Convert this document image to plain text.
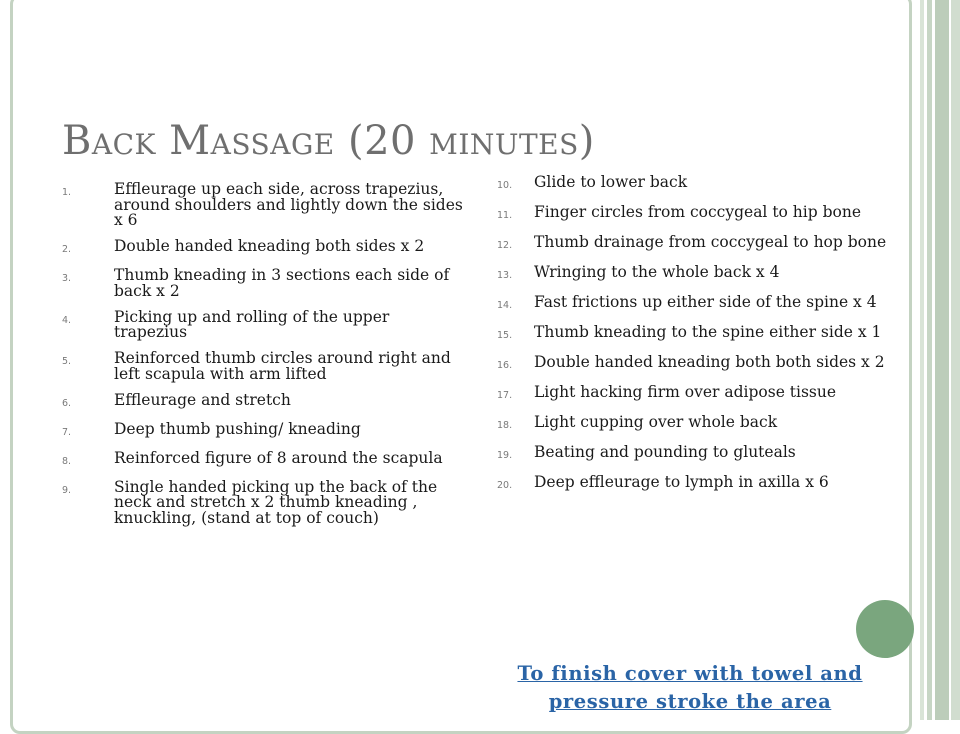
Back Massage (20 minutes)
1.	Effleurage up each side, across trapezius, around shoulders and lightly down the sides x 6
2.	Double handed kneading both sides x 2
3.	Thumb kneading in 3 sections each side of back x 2
4.	Picking up and rolling of the upper trapezius
5.	Reinforced thumb circles around right and left scapula with arm lifted
6.	Effleurage and stretch
7.	Deep thumb pushing/ kneading
8.	Reinforced figure of 8 around the scapula
9.	Single handed picking up the back of the neck and stretch x 2 thumb kneading , knuckling, (stand at top of couch)
10.	Glide to lower back
11.	Finger circles from coccygeal to hip bone
12.	Thumb drainage from coccygeal to hop bone
13.	Wringing to the whole back x 4
14.	Fast frictions up either side of the spine x 4
15.	Thumb kneading to the spine either side x 1
16.	Double handed kneading both both sides x 2
17.	Light hacking firm over adipose tissue
18.	Light cupping over whole back
19.	Beating and pounding to gluteals
20.	Deep effleurage to lymph in axilla x 6
To finish cover with towel and pressure stroke the area
